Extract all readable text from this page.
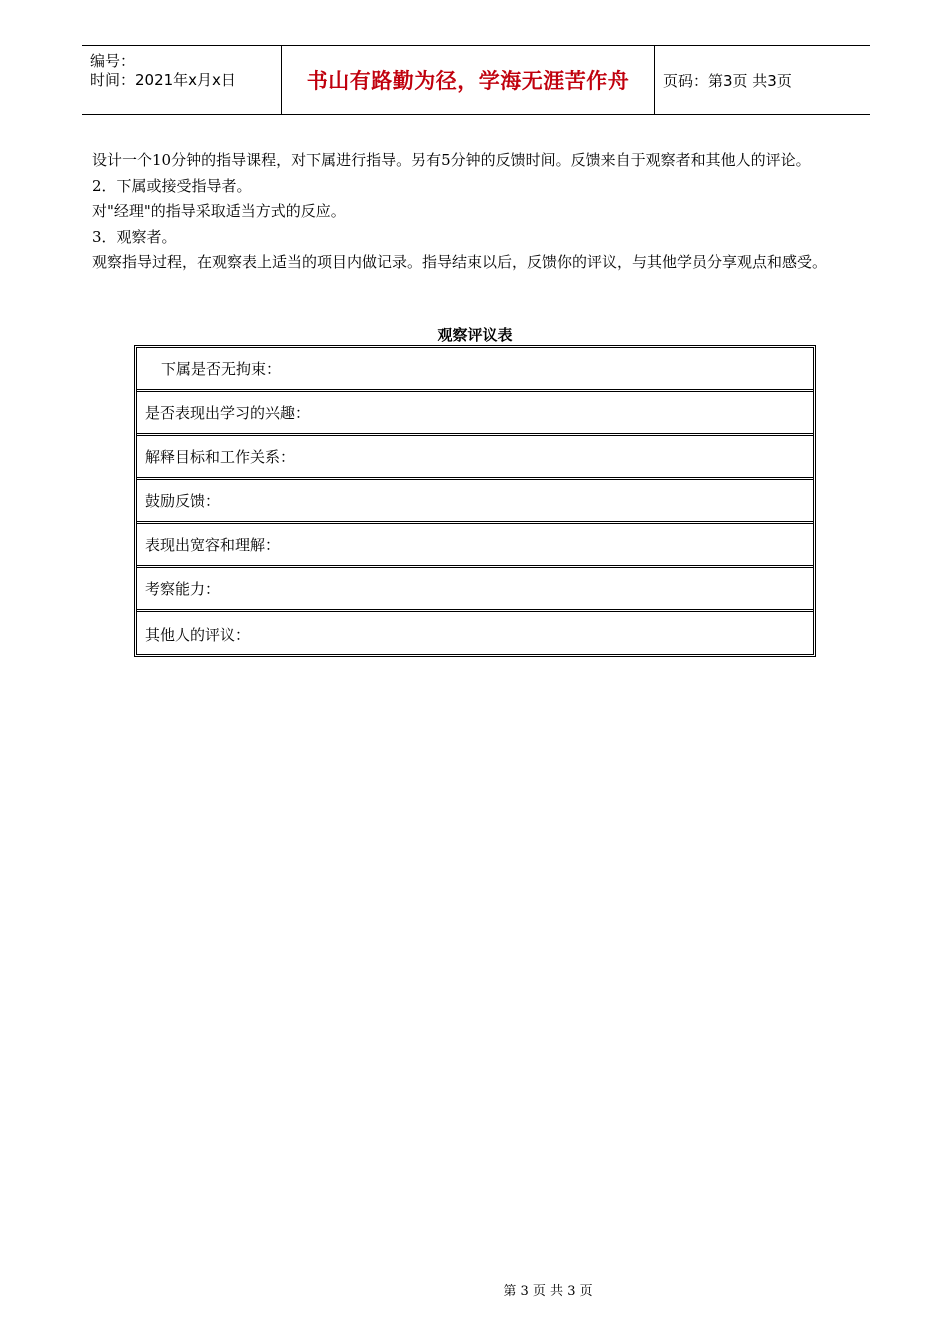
编号：
时间：2021年x月x日	书山有路勤为径，学海无涯苦作舟 页码：第3页 共3页

设计一个10分钟的指导课程，对下属进行指导。另有5分钟的反馈时间。反馈来自于观察者和其他人的评论。

2．下属或接受指导者。

对"经理"的指导采取适当方式的反应。

3．观察者。

观察指导过程，在观察表上适当的项目内做记录。指导结束以后，反馈你的评议，与其他学员分享观点和感受。

观察评议表
下属是否无拘束：
是否表现出学习的兴趣：
解释目标和工作关系：
鼓励反馈：
表现出宽容和理解：
考察能力：
其他人的评议：
第 3 页 共 3 页
